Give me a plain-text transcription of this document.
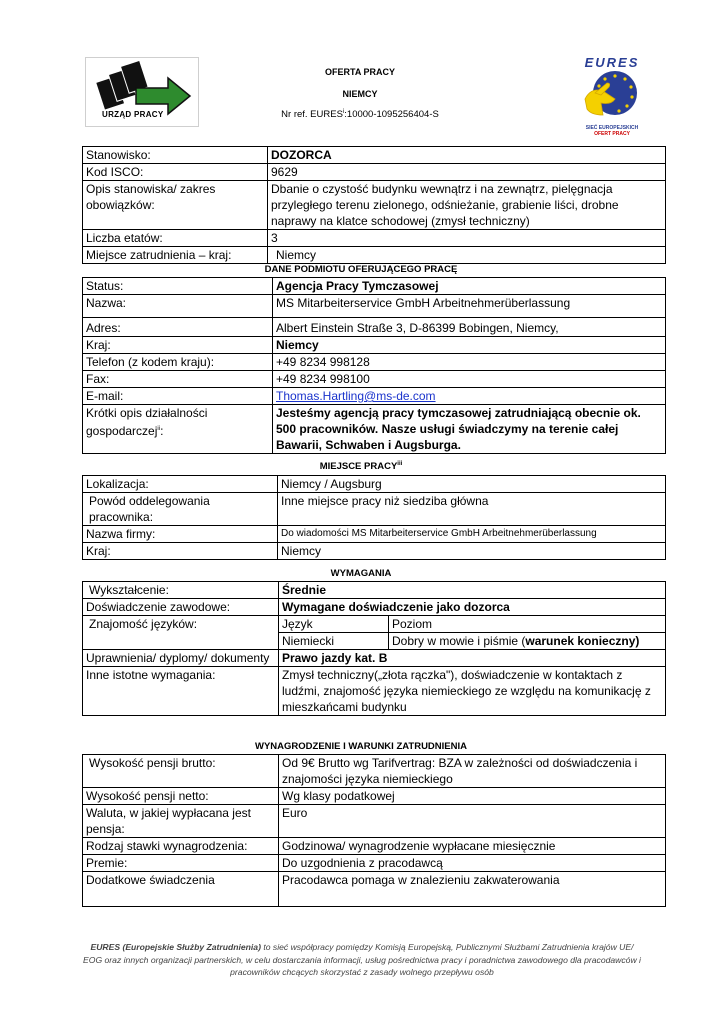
URZĄD PRACY
OFERTA PRACY
NIEMCY
Nr ref. EURES$^i$:10000-1095256404-S
EURES
SIEĆ EUROPEJSKICH
OFERT PRACY
Stanowisko:	DOZORCA
Kod ISCO:	9629
Opis stanowiska/ zakres obowiązków:	Dbanie o czystość budynku wewnątrz i na zewnątrz, pielęgnacja przyległego terenu zielonego, odśnieżanie, grabienie liści, drobne naprawy na klatce schodowej (zmysł techniczny)
Liczba etatów:	3
Miejsce zatrudnienia – kraj:	Niemcy
DANE PODMIOTU OFERUJĄCEGO PRACĘ
Status:	Agencja Pracy Tymczasowej
Nazwa:	MS Mitarbeiterservice GmbH Arbeitnehmerüberlassung
Adres:	Albert Einstein Straße 3, D-86399 Bobingen, Niemcy,
Kraj:	Niemcy
Telefon (z kodem kraju):	+49 8234 998128
Fax:	+49 8234 998100
E-mail:	Thomas.Hartling@ms-de.com
Krótki opis działalności gospodarczej$^{ii}$:	Jesteśmy agencją pracy tymczasowej zatrudniającą obecnie ok. 500 pracowników. Nasze usługi świadczymy na terenie całej Bawarii, Schwaben i Augsburga.
MIEJSCE PRACY$^{iii}$
Lokalizacja:	Niemcy / Augsburg
Powód oddelegowania pracownika:	Inne miejsce pracy niż siedziba główna
Nazwa firmy:	Do wiadomości MS Mitarbeiterservice GmbH Arbeitnehmerüberlassung
Kraj:	Niemcy
WYMAGANIA
Wykształcenie:	Średnie	
Doświadczenie zawodowe:	Wymagane doświadczenie jako dozorca	
Znajomość języków:	Język	Poziom
	Niemiecki	Dobry w mowie i piśmie (warunek konieczny)
Uprawnienia/ dyplomy/ dokumenty	Prawo jazdy kat. B	
Inne istotne wymagania:	Zmysł techniczny(„złota rączka"), doświadczenie w kontaktach z ludźmi, znajomość języka niemieckiego ze względu na komunikację z mieszkańcami budynku	
WYNAGRODZENIE I WARUNKI ZATRUDNIENIA
Wysokość pensji brutto:	Od 9€ Brutto wg Tarifvertrag: BZA w zależności od doświadczenia i znajomości języka niemieckiego
Wysokość pensji netto:	Wg klasy podatkowej
Waluta, w jakiej wypłacana jest pensja:	Euro
Rodzaj stawki wynagrodzenia:	Godzinowa/ wynagrodzenie wypłacane miesięcznie
Premie:	Do uzgodnienia z pracodawcą
Dodatkowe świadczenia	Pracodawca pomaga w znalezieniu zakwaterowania
EURES (Europejskie Służby Zatrudnienia) to sieć współpracy pomiędzy Komisją Europejską, Publicznymi Służbami Zatrudnienia krajów UE/ EOG oraz innych organizacji partnerskich, w celu dostarczania informacji, usług pośrednictwa pracy i poradnictwa zawodowego dla pracodawców i pracowników chcących skorzystać z zasady wolnego przepływu osób
